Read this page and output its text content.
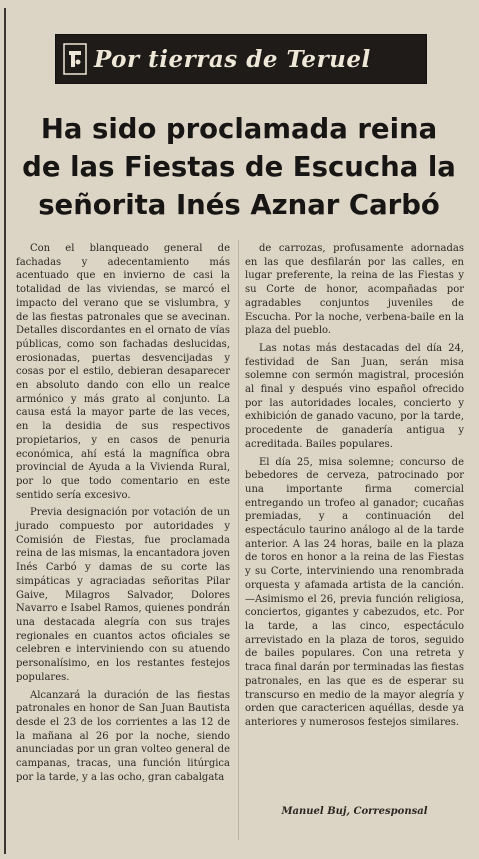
Por tierras de Teruel
Ha sido proclamada reina
de las Fiestas de Escucha la
señorita Inés Aznar Carbó

Con el blanqueado general de fachadas y adecentamiento más acentuado que en invierno de casi la totalidad de las viviendas, se marcó el impacto del verano que se vislumbra, y de las fiestas patronales que se avecinan. Detalles discordantes en el ornato de vías públicas, como son fachadas deslucidas, erosionadas, puertas desvencijadas y cosas por el estilo, debieran desaparecer en absoluto dando con ello un realce armónico y más grato al conjunto. La causa está la mayor parte de las veces, en la desidia de sus respectivos propietarios, y en casos de penuria económica, ahí está la magnífica obra provincial de Ayuda a la Vivienda Rural, por lo que todo comentario en este sentido sería excesivo.

Previa designación por votación de un jurado compuesto por autoridades y Comisión de Fiestas, fue proclamada reina de las mismas, la encantadora joven Inés Carbó y damas de su corte las simpáticas y agraciadas señoritas Pilar Gaive, Milagros Salvador, Dolores Navarro e Isabel Ramos, quienes pondrán una destacada alegría con sus trajes regionales en cuantos actos oficiales se celebren e interviniendo con su atuendo personalísimo, en los restantes festejos populares.

Alcanzará la duración de las fiestas patronales en honor de San Juan Bautista desde el 23 de los corrientes a las 12 de la mañana al 26 por la noche, siendo anunciadas por un gran volteo general de campanas, tracas, una función litúrgica por la tarde, y a las ocho, gran cabalgata

de carrozas, profusamente adornadas en las que desfilarán por las calles, en lugar preferente, la reina de las Fiestas y su Corte de honor, acompañadas por agradables conjuntos juveniles de Escucha. Por la noche, verbena-baile en la plaza del pueblo.

Las notas más destacadas del día 24, festividad de San Juan, serán misa solemne con sermón magistral, procesión al final y después vino español ofrecido por las autoridades locales, concierto y exhibición de ganado vacuno, por la tarde, procedente de ganadería antigua y acreditada. Bailes populares.

El día 25, misa solemne; concurso de bebedores de cerveza, patrocinado por una importante firma comercial entregando un trofeo al ganador; cucañas premiadas, y a continuación del espectáculo taurino análogo al de la tarde anterior. A las 24 horas, baile en la plaza de toros en honor a la reina de las Fiestas y su Corte, interviniendo una renombrada orquesta y afamada artista de la canción.—Asimismo el 26, previa función religiosa, conciertos, gigantes y cabezudos, etc. Por la tarde, a las cinco, espectáculo arrevistado en la plaza de toros, seguido de bailes populares. Con una retreta y traca final darán por terminadas las fiestas patronales, en las que es de esperar su transcurso en medio de la mayor alegría y orden que caractericen aquéllas, desde ya anteriores y numerosos festejos similares.

Manuel Buj, Corresponsal
